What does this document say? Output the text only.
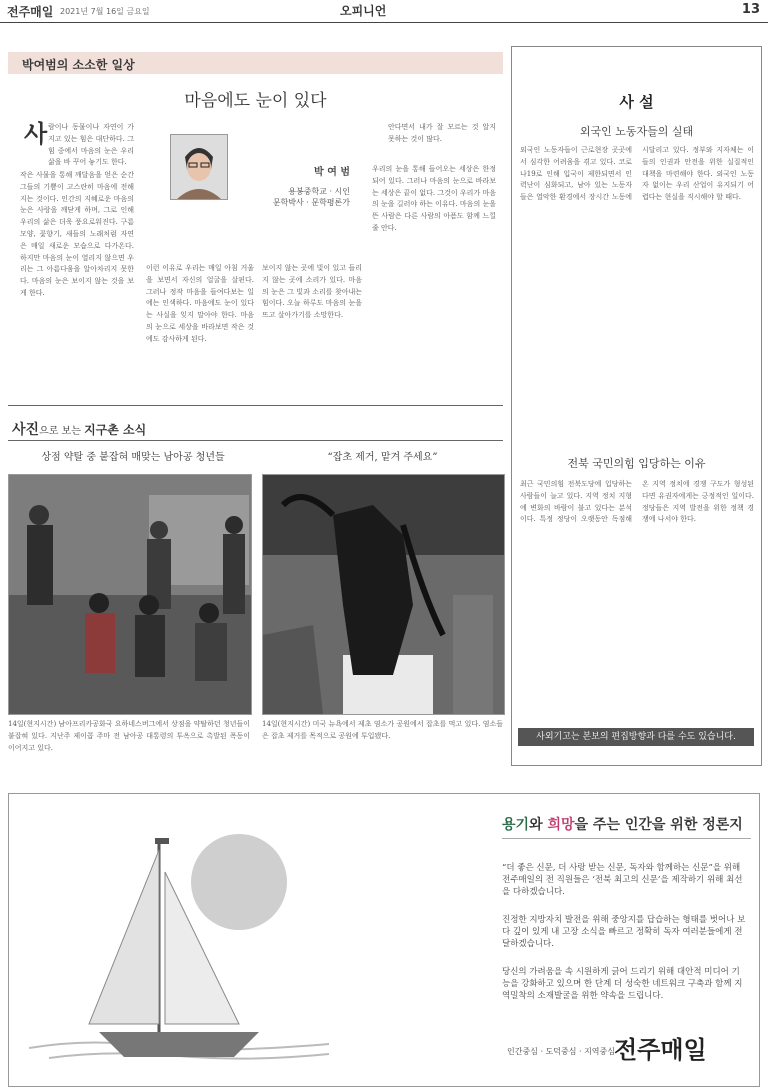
전주매일 2021년 7월 16일 금요일	오피니언	13
박여범의 소소한 일상
마음에도 눈이 있다
사 람이나 동물이나 자연이 가 지고 있는 힘은 대단하다. 그 힘 중에서 마음의 눈은 우리 삶을 바 꾸어 놓기도 한다.
작은 사물을 통해 깨달음을 얻은 순간 그들의 기쁨이 고스란히 마음에 전해지는 것이다. 인간의 지혜로운 마음의 눈은 사랑을 깨닫게 하며, 그로 인해 우리의 삶은 더욱 풍요로워진다. 구름 모양, 꽃향기, 새들의 노래처럼 자연은 매일 새로운 모습으로 다가온다. 하지만 마음의 눈이 열리지 않으면 우리는 그 아름다움을 알아차리지 못한다. 마음의 눈은 보이지 않는 것을 보게 한다.
박 여 범
용봉중학교 · 시인
문학박사 · 문학평론가
이런 이유로 우리는 매일 아침 거울을 보면서 자신의 얼굴을 살핀다. 그러나 정작 마음을 들여다보는 일에는 인색하다. 마음에도 눈이 있다는 사실을 잊지 말아야 한다. 마음의 눈으로 세상을 바라보면 작은 것에도 감사하게 된다.
보이지 않는 곳에 빛이 있고 들리지 않는 곳에 소리가 있다. 마음의 눈은 그 빛과 소리를 찾아내는 힘이다. 오늘 하루도 마음의 눈을 뜨고 살아가기를 소망한다.
안다면서 내가 잘 모르는 것 알지 못하는 것이 많다.
우리의 눈을 통해 들어오는 세상은 한정되어 있다. 그러나 마음의 눈으로 바라보는 세상은 끝이 없다. 그것이 우리가 마음의 눈을 길러야 하는 이유다. 마음의 눈을 뜬 사람은 다른 사람의 아픔도 함께 느낄 줄 안다.
사진으로 보는 지구촌 소식
상점 약탈 중 붙잡혀 매맞는 남아공 청년들	“잡초 제거, 맡겨 주세요”
14일(현지시간) 남아프리카공화국 요하네스버그에서 상점을 약탈하던 청년들이 붙잡혀 있다. 지난주 제이콥 주마 전 남아공 대통령의 투옥으로 촉발된 폭동이 이어지고 있다.
14일(현지시간) 미국 뉴욕에서 제초 염소가 공원에서 잡초를 먹고 있다. 염소들은 잡초 제거를 목적으로 공원에 투입됐다.
사 설
외국인 노동자들의 실태
외국인 노동자들이 근로현장 곳곳에서 심각한 어려움을 겪고 있다. 코로나19로 인해 입국이 제한되면서 인력난이 심화되고, 남아 있는 노동자들은 열악한 환경에서 장시간 노동에 시달리고 있다. 정부와 지자체는 이들의 인권과 안전을 위한 실질적인 대책을 마련해야 한다. 외국인 노동자 없이는 우리 산업이 유지되기 어렵다는 현실을 직시해야 할 때다.
전북 국민의힘 입당하는 이유
최근 국민의힘 전북도당에 입당하는 사람들이 늘고 있다. 지역 정치 지형에 변화의 바람이 불고 있다는 분석이다. 특정 정당이 오랫동안 독점해 온 지역 정치에 경쟁 구도가 형성된다면 유권자에게는 긍정적인 일이다. 정당들은 지역 발전을 위한 정책 경쟁에 나서야 한다.
사외기고는 본보의 편집방향과 다를 수도 있습니다.
용기와 희망을 주는 인간을 위한 정론지
“더 좋은 신문, 더 사랑 받는 신문, 독자와 함께하는 신문”을 위해 전주매일의 전 직원들은 ‘전북 최고의 신문’을 제작하기 위해 최선을 다하겠습니다.
진정한 지방자치 발전을 위해 중앙지를 답습하는 형태를 벗어나 보다 깊이 있게 내 고장 소식을 빠르고 정확히 독자 여러분들에게 전달하겠습니다.
당신의 가려움을 속 시원하게 긁어 드리기 위해 대안적 미디어 기능을 강화하고 있으며 한 단계 더 성숙한 네트워크 구축과 함께 지역밀착의 소재발굴을 위한 약속을 드립니다.
인간중심 · 도덕중심 · 지역중심 전주매일
